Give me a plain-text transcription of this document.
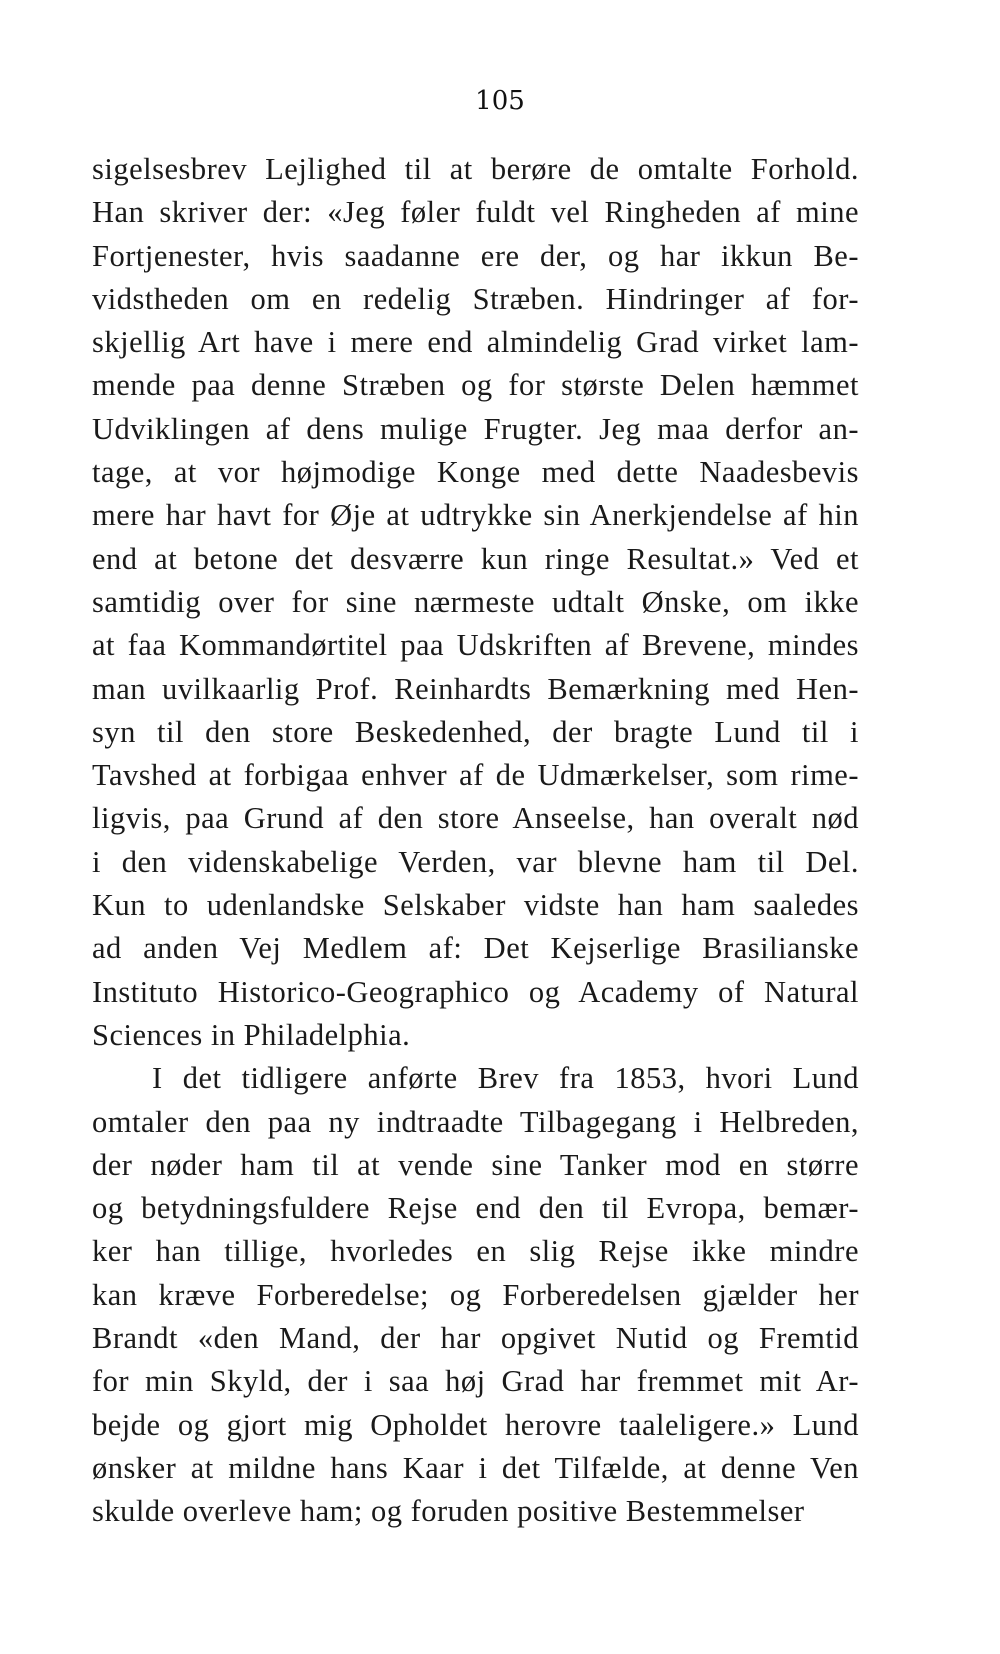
105
sigelsesbrev Lejlighed til at berøre de omtalte Forhold.
Han skriver der: «Jeg føler fuldt vel Ringheden af mine
Fortjenester, hvis saadanne ere der, og har ikkun Be-
vidstheden om en redelig Stræben. Hindringer af for-
skjellig Art have i mere end almindelig Grad virket lam-
mende paa denne Stræben og for største Delen hæmmet
Udviklingen af dens mulige Frugter. Jeg maa derfor an-
tage, at vor højmodige Konge med dette Naadesbevis
mere har havt for Øje at udtrykke sin Anerkjendelse af hin
end at betone det desværre kun ringe Resultat.» Ved et
samtidig over for sine nærmeste udtalt Ønske, om ikke
at faa Kommandørtitel paa Udskriften af Brevene, mindes
man uvilkaarlig Prof. Reinhardts Bemærkning med Hen-
syn til den store Beskedenhed, der bragte Lund til i
Tavshed at forbigaa enhver af de Udmærkelser, som rime-
ligvis, paa Grund af den store Anseelse, han overalt nød
i den videnskabelige Verden, var blevne ham til Del.
Kun to udenlandske Selskaber vidste han ham saaledes
ad anden Vej Medlem af: Det Kejserlige Brasilianske
Instituto Historico-Geographico og Academy of Natural
Sciences in Philadelphia.
I det tidligere anførte Brev fra 1853, hvori Lund
omtaler den paa ny indtraadte Tilbagegang i Helbreden,
der nøder ham til at vende sine Tanker mod en større
og betydningsfuldere Rejse end den til Evropa, bemær-
ker han tillige, hvorledes en slig Rejse ikke mindre
kan kræve Forberedelse; og Forberedelsen gjælder her
Brandt «den Mand, der har opgivet Nutid og Fremtid
for min Skyld, der i saa høj Grad har fremmet mit Ar-
bejde og gjort mig Opholdet herovre taaleligere.» Lund
ønsker at mildne hans Kaar i det Tilfælde, at denne Ven
skulde overleve ham; og foruden positive Bestemmelser
